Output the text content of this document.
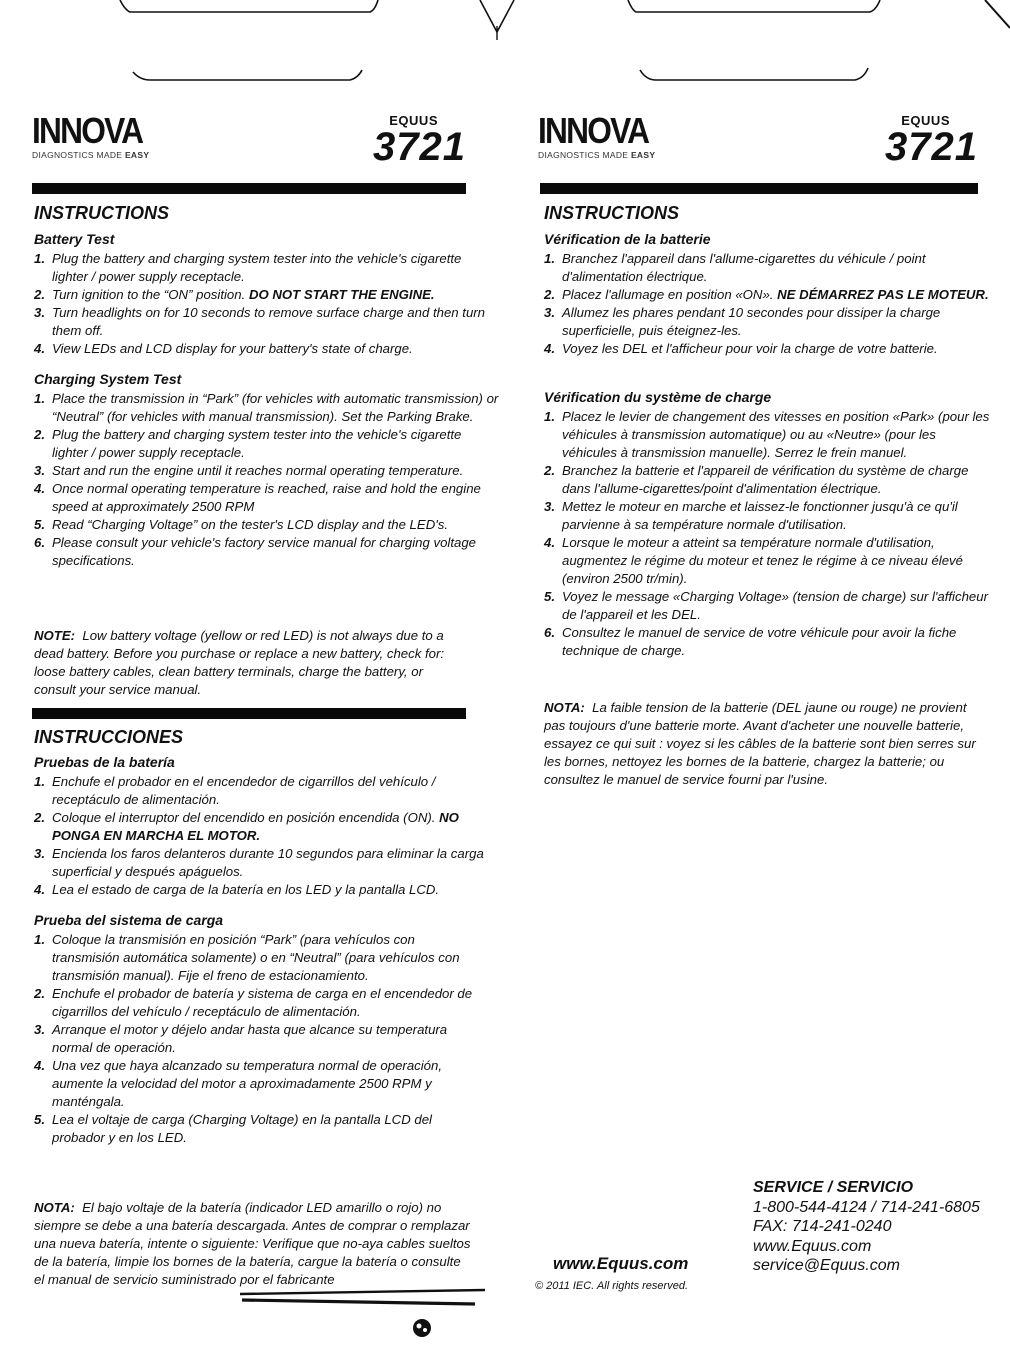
INNOVA
DIAGNOSTICS MADE EASY
EQUUS
3721
INSTRUCTIONS
Battery Test
1. Plug the battery and charging system tester into the vehicle's cigarette lighter / power supply receptacle.
2. Turn ignition to the “ON” position. DO NOT START THE ENGINE.
3. Turn headlights on for 10 seconds to remove surface charge and then turn them off.
4. View LEDs and LCD display for your battery's state of charge.
Charging System Test
1. Place the transmission in “Park” (for vehicles with automatic transmission) or “Neutral” (for vehicles with manual transmission). Set the Parking Brake.
2. Plug the battery and charging system tester into the vehicle's cigarette lighter / power supply receptacle.
3. Start and run the engine until it reaches normal operating temperature.
4. Once normal operating temperature is reached, raise and hold the engine speed at approximately 2500 RPM
5. Read “Charging Voltage” on the tester's LCD display and the LED's.
6. Please consult your vehicle's factory service manual for charging voltage specifications.
NOTE: Low battery voltage (yellow or red LED) is not always due to a dead battery. Before you purchase or replace a new battery, check for: loose battery cables, clean battery terminals, charge the battery, or consult your service manual.
INSTRUCCIONES
Pruebas de la batería
1. Enchufe el probador en el encendedor de cigarrillos del vehículo / receptáculo de alimentación.
2. Coloque el interruptor del encendido en posición encendida (ON). NO PONGA EN MARCHA EL MOTOR.
3. Encienda los faros delanteros durante 10 segundos para eliminar la carga superficial y después apáguelos.
4. Lea el estado de carga de la batería en los LED y la pantalla LCD.
Prueba del sistema de carga
1. Coloque la transmisión en posición “Park” (para vehículos con transmisión automática solamente) o en “Neutral” (para vehículos con transmisión manual). Fije el freno de estacionamiento.
2. Enchufe el probador de batería y sistema de carga en el encendedor de cigarrillos del vehículo / receptáculo de alimentación.
3. Arranque el motor y déjelo andar hasta que alcance su temperatura normal de operación.
4. Una vez que haya alcanzado su temperatura normal de operación, aumente la velocidad del motor a aproximadamente 2500 RPM y manténgala.
5. Lea el voltaje de carga (Charging Voltage) en la pantalla LCD del probador y en los LED.
NOTA: El bajo voltaje de la batería (indicador LED amarillo o rojo) no siempre se debe a una batería descargada. Antes de comprar o remplazar una nueva batería, intente o siguiente: Verifique que no-aya cables sueltos de la batería, limpie los bornes de la batería, cargue la batería o consulte el manual de servicio suministrado por el fabricante
INNOVA
DIAGNOSTICS MADE EASY
EQUUS
3721
INSTRUCTIONS
Vérification de la batterie
1. Branchez l'appareil dans l'allume-cigarettes du véhicule / point d'alimentation électrique.
2. Placez l'allumage en position «ON». NE DÉMARREZ PAS LE MOTEUR.
3. Allumez les phares pendant 10 secondes pour dissiper la charge superficielle, puis éteignez-les.
4. Voyez les DEL et l'afficheur pour voir la charge de votre batterie.
Vérification du système de charge
1. Placez le levier de changement des vitesses en position «Park» (pour les véhicules à transmission automatique) ou au «Neutre» (pour les véhicules à transmission manuelle). Serrez le frein manuel.
2. Branchez la batterie et l'appareil de vérification du système de charge dans l'allume-cigarettes/point d'alimentation électrique.
3. Mettez le moteur en marche et laissez-le fonctionner jusqu'à ce qu'il parvienne à sa température normale d'utilisation.
4. Lorsque le moteur a atteint sa température normale d'utilisation, augmentez le régime du moteur et tenez le régime à ce niveau élevé (environ 2500 tr/min).
5. Voyez le message «Charging Voltage» (tension de charge) sur l'afficheur de l'appareil et les DEL.
6. Consultez le manuel de service de votre véhicule pour avoir la fiche technique de charge.
NOTA: La faible tension de la batterie (DEL jaune ou rouge) ne provient pas toujours d'une batterie morte. Avant d'acheter une nouvelle batterie, essayez ce qui suit : voyez si les câbles de la batterie sont bien serres sur les bornes, nettoyez les bornes de la batterie, chargez la batterie; ou consultez le manuel de service fourni par l'usine.
SERVICE / SERVICIO
1-800-544-4124 / 714-241-6805
FAX: 714-241-0240
www.Equus.com
service@Equus.com
www.Equus.com
© 2011 IEC. All rights reserved.
